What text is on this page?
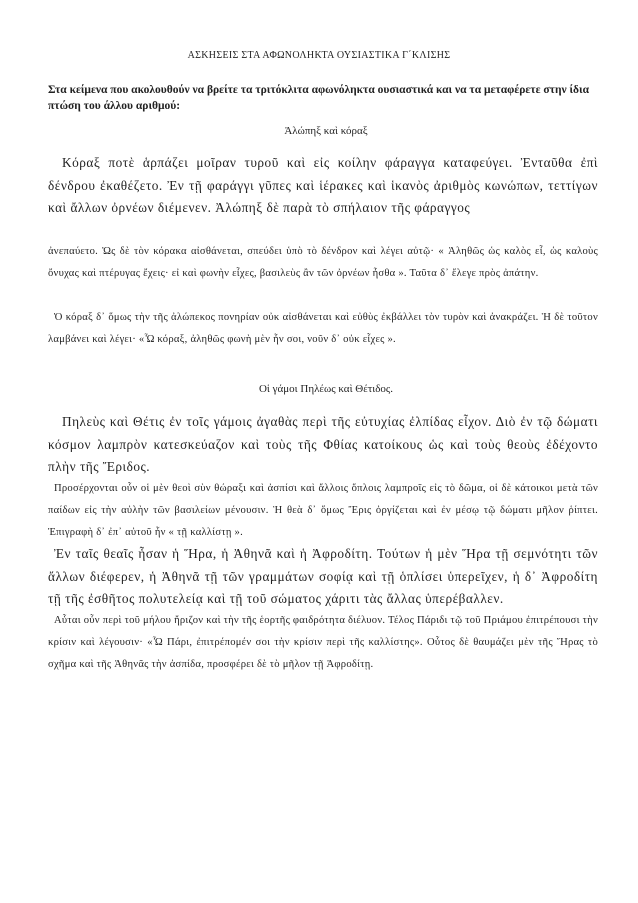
ΑΣΚΗΣΕΙΣ ΣΤΑ ΑΦΩΝΟΛΗΚΤΑ ΟΥΣΙΑΣΤΙΚΑ Γ΄ΚΛΙΣΗΣ
Στα κείμενα που ακολουθούν να βρείτε τα τριτόκλιτα αφωνόληκτα ουσιαστικά και να τα μεταφέρετε στην ίδια πτώση του άλλου αριθμού:
Ἀλώπηξ καὶ κόραξ
Κόραξ ποτὲ ἁρπάζει μοῖραν τυροῦ καὶ εἰς κοίλην φάραγγα καταφεύγει. Ἐνταῦθα ἐπὶ δένδρου ἐκαθέζετο. Ἐν τῇ φαράγγι γῦπες καὶ ἱέρακες καὶ ἱκανὸς ἀριθμὸς κωνώπων, τεττίγων καὶ ἄλλων ὀρνέων διέμενεν. Ἀλώπηξ δὲ παρὰ τὸ σπήλαιον τῆς φάραγγος
ἀνεπαύετο. Ὡς δὲ τὸν κόρακα αἰσθάνεται, σπεύδει ὑπὸ τὸ δένδρον καὶ λέγει αὐτῷ· « Ἀληθῶς ὡς καλὸς εἶ, ὡς καλοὺς ὄνυχας καὶ πτέρυγας ἔχεις· εἰ καὶ φωνὴν εἶχες, βασιλεὺς ἂν τῶν ὀρνέων ἦσθα ». Ταῦτα δ᾽ ἔλεγε πρὸς ἀπάτην.
Ὁ κόραξ δ᾽ ὅμως τὴν τῆς ἀλώπεκος πονηρίαν οὐκ αἰσθάνεται καὶ εὐθὺς ἐκβάλλει τὸν τυρὸν καὶ ἀνακράζει. Ἡ δὲ τοῦτον λαμβάνει καὶ λέγει· «Ὦ κόραξ, ἀληθῶς φωνὴ μὲν ἦν σοι, νοῦν δ᾽ οὐκ εἶχες ».
Οἱ γάμοι Πηλέως καὶ Θέτιδος.
Πηλεὺς καὶ Θέτις ἐν τοῖς γάμοις ἀγαθὰς περὶ τῆς εὐτυχίας ἐλπίδας εἶχον. Διὸ ἐν τῷ δώματι κόσμον λαμπρὸν κατεσκεύαζον καὶ τοὺς τῆς Φθίας κατοίκους ὡς καὶ τοὺς θεοὺς ἐδέχοντο πλὴν τῆς Ἔριδος.
Προσέρχονται οὖν οἱ μὲν θεοὶ σὺν θώραξι καὶ ἀσπίσι καὶ ἄλλοις ὅπλοις λαμπροῖς εἰς τὸ δῶμα, οἱ δὲ κάτοικοι μετὰ τῶν παίδων εἰς τὴν αὐλὴν τῶν βασιλείων μένουσιν. Ἡ θεὰ δ᾽ ὅμως Ἔρις ὀργίζεται καὶ ἐν μέσῳ τῷ δώματι μῆλον ῥίπτει. Ἐπιγραφὴ δ᾽ ἐπ᾽ αὐτοῦ ἦν « τῇ καλλίστῃ ».
Ἐν ταῖς θεαῖς ἦσαν ἡ Ἥρα, ἡ Ἀθηνᾶ καὶ ἡ Ἀφροδίτη. Τούτων ἡ μὲν Ἥρα τῇ σεμνότητι τῶν ἄλλων διέφερεν, ἡ Ἀθηνᾶ τῇ τῶν γραμμάτων σοφίᾳ καὶ τῇ ὁπλίσει ὑπερεῖχεν, ἡ δ᾽ Ἀφροδίτη τῇ τῆς ἐσθῆτος πολυτελείᾳ καὶ τῇ τοῦ σώματος χάριτι τὰς ἄλλας ὑπερέβαλλεν.
Αὗται οὖν περὶ τοῦ μήλου ἤριζον καὶ τὴν τῆς ἑορτῆς φαιδρότητα διέλυον. Τέλος Πάριδι τῷ τοῦ Πριάμου ἐπιτρέπουσι τὴν κρίσιν καὶ λέγουσιν· «Ὦ Πάρι, ἐπιτρέπομέν σοι τὴν κρίσιν περὶ τῆς καλλίστης». Οὗτος δὲ θαυμάζει μὲν τῆς Ἥρας τὸ σχῆμα καὶ τῆς Ἀθηνᾶς τὴν ἀσπίδα, προσφέρει δὲ τὸ μῆλον τῇ Ἀφροδίτῃ.
